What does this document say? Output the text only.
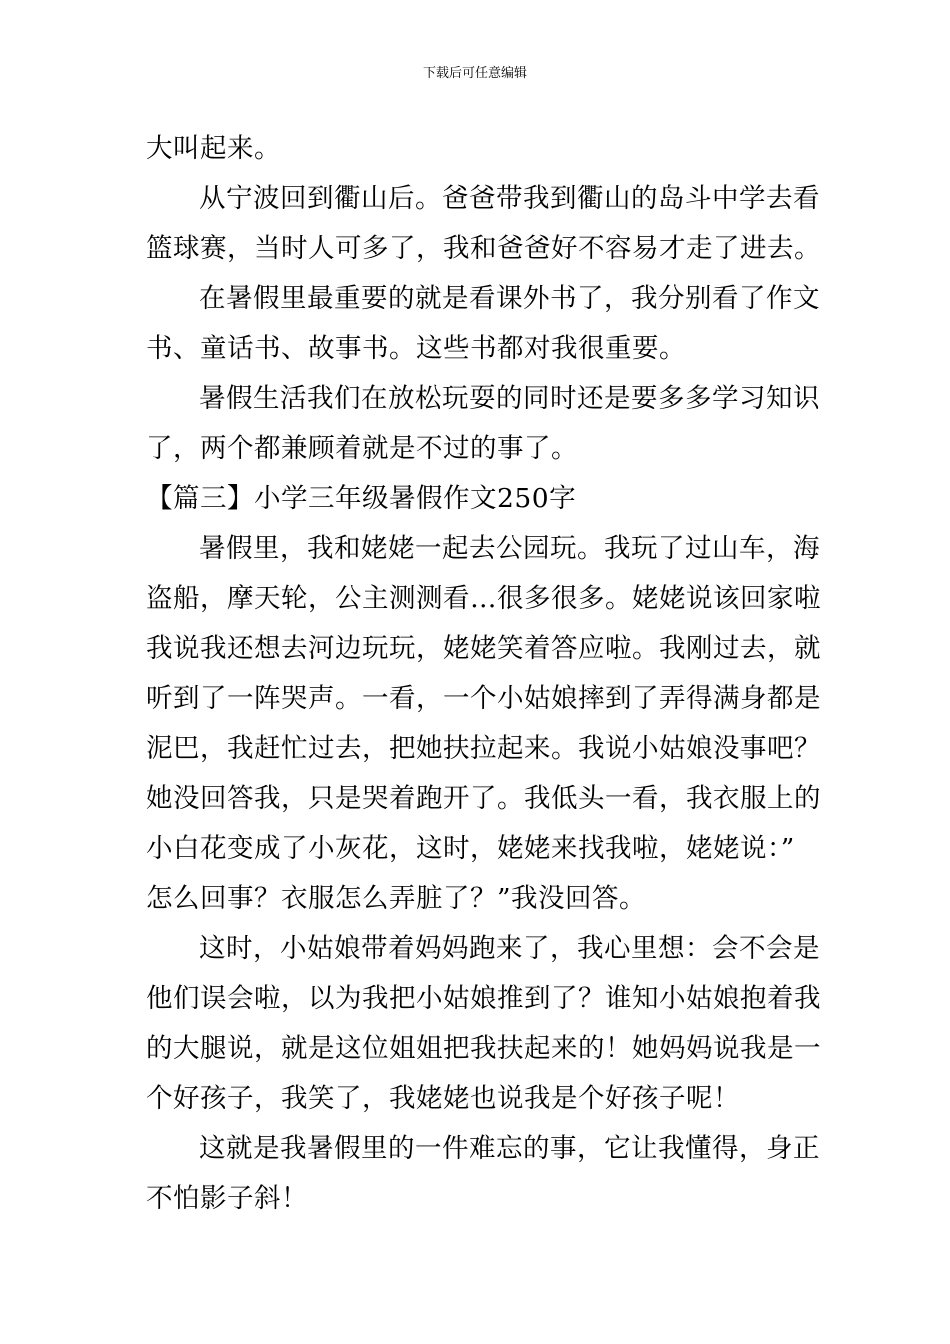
下载后可任意编辑
大叫起来。
从宁波回到衢山后。爸爸带我到衢山的岛斗中学去看
篮球赛，当时人可多了，我和爸爸好不容易才走了进去。
在暑假里最重要的就是看课外书了，我分别看了作文
书、童话书、故事书。这些书都对我很重要。
暑假生活我们在放松玩耍的同时还是要多多学习知识
了，两个都兼顾着就是不过的事了。
【篇三】小学三年级暑假作文250字
暑假里，我和姥姥一起去公园玩。我玩了过山车，海
盗船，摩天轮，公主测测看…很多很多。姥姥说该回家啦
我说我还想去河边玩玩，姥姥笑着答应啦。我刚过去，就
听到了一阵哭声。一看，一个小姑娘摔到了弄得满身都是
泥巴，我赶忙过去，把她扶拉起来。我说小姑娘没事吧？
她没回答我，只是哭着跑开了。我低头一看，我衣服上的
小白花变成了小灰花，这时，姥姥来找我啦，姥姥说：”
怎么回事？衣服怎么弄脏了？”我没回答。
这时，小姑娘带着妈妈跑来了，我心里想：会不会是
他们误会啦，以为我把小姑娘推到了？谁知小姑娘抱着我
的大腿说，就是这位姐姐把我扶起来的！她妈妈说我是一
个好孩子，我笑了，我姥姥也说我是个好孩子呢！
这就是我暑假里的一件难忘的事，它让我懂得，身正
不怕影子斜！
